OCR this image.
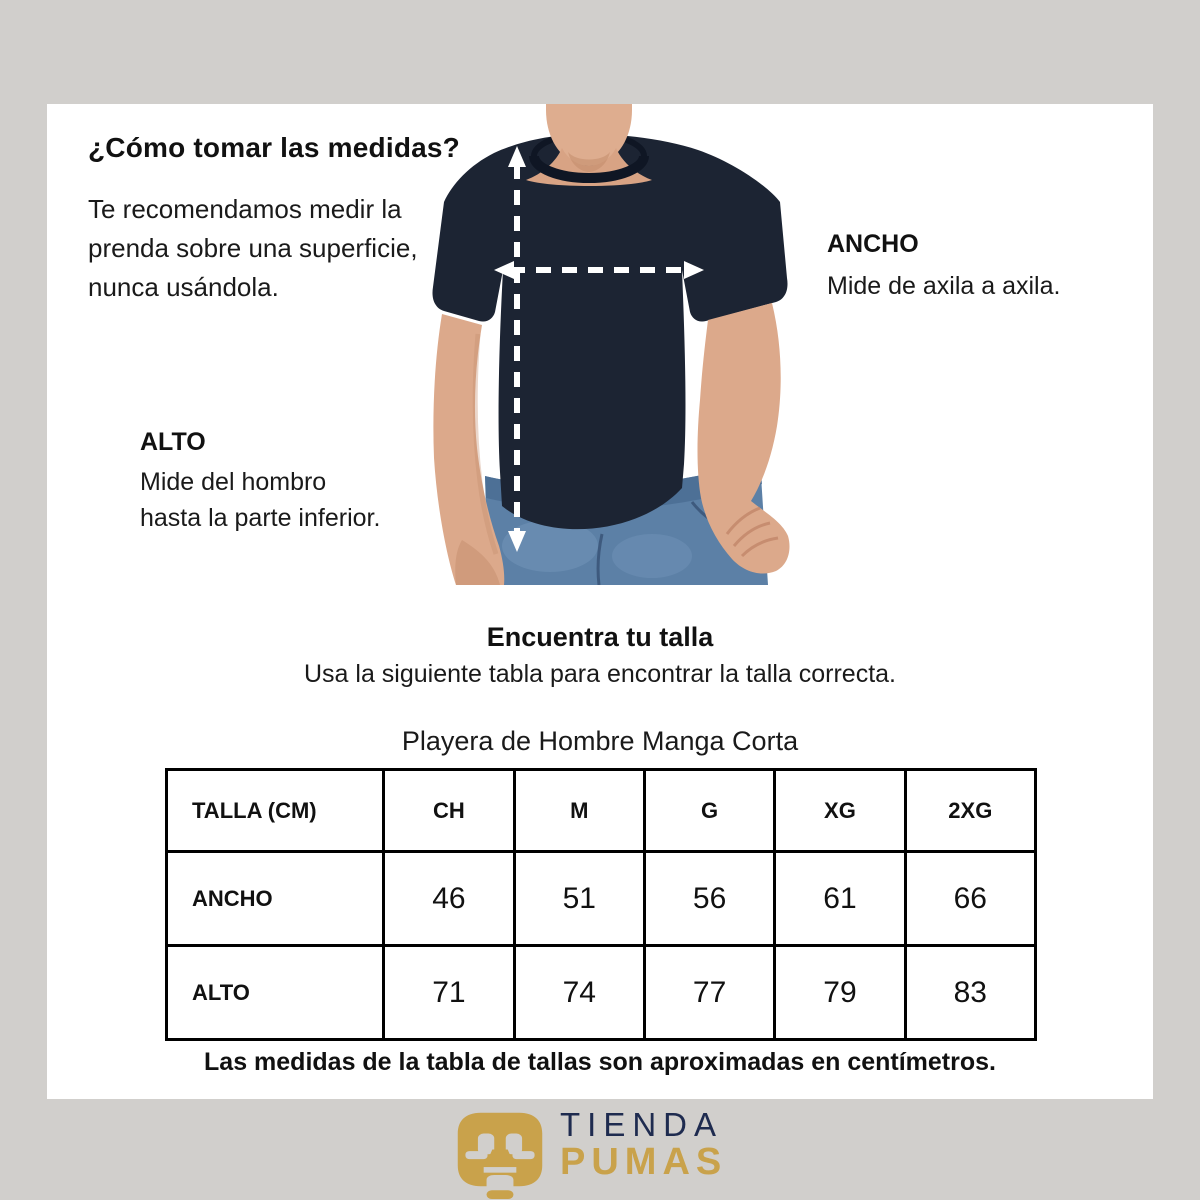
¿Cómo tomar las medidas?
Te recomendamos medir la
prenda sobre una superficie,
nunca usándola.
ANCHO
Mide de axila a axila.
ALTO
Mide del hombro
hasta la parte inferior.
Encuentra tu talla
Usa la siguiente tabla para encontrar la talla correcta.
Playera de Hombre Manga Corta
TALLA (CM)	CH	M	G	XG	2XG
ANCHO	46	51	56	61	66
ALTO	71	74	77	79	83
Las medidas de la tabla de tallas son aproximadas en centímetros.
TIENDA
PUMAS
